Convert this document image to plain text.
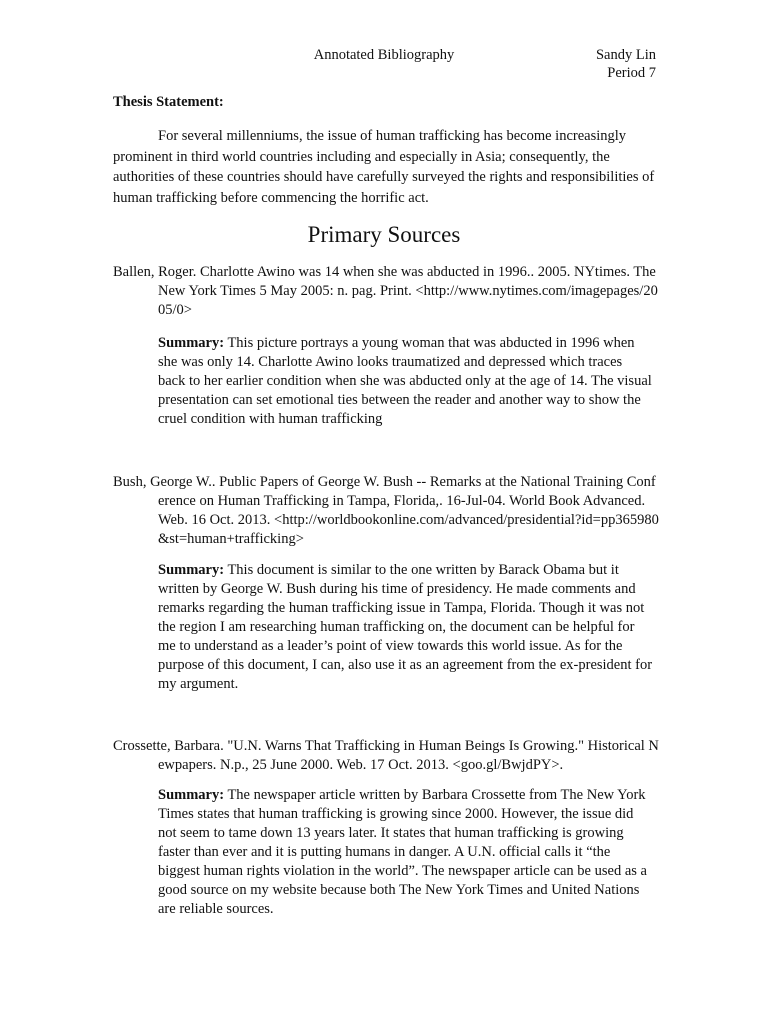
Annotated Bibliography	Sandy Lin
Period 7
Thesis Statement:
For several millenniums, the issue of human trafficking has become increasingly prominent in third world countries including and especially in Asia; consequently, the authorities of these countries should have carefully surveyed the rights and responsibilities of human trafficking before commencing the horrific act.
Primary Sources
Ballen, Roger. Charlotte Awino was 14 when she was abducted in 1996.. 2005. NYtimes. The New York Times 5 May 2005: n. pag. Print. <http://www.nytimes.com/imagepages/2005/0>
Summary: This picture portrays a young woman that was abducted in 1996 when she was only 14. Charlotte Awino looks traumatized and depressed which traces back to her earlier condition when she was abducted only at the age of 14. The visual presentation can set emotional ties between the reader and another way to show the cruel condition with human trafficking
Bush, George W.. Public Papers of George W. Bush -- Remarks at the National Training Conference on Human Trafficking in Tampa, Florida,. 16-Jul-04. World Book Advanced. Web. 16 Oct. 2013. <http://worldbookonline.com/advanced/presidential?id=pp365980&st=human+trafficking>
Summary: This document is similar to the one written by Barack Obama but it written by George W. Bush during his time of presidency. He made comments and remarks regarding the human trafficking issue in Tampa, Florida. Though it was not the region I am researching human trafficking on, the document can be helpful for me to understand as a leader’s point of view towards this world issue. As for the purpose of this document, I can, also use it as an agreement from the ex-president for my argument.
Crossette, Barbara. "U.N. Warns That Trafficking in Human Beings Is Growing." Historical Newpapers. N.p., 25 June 2000. Web. 17 Oct. 2013. <goo.gl/BwjdPY>.
Summary: The newspaper article written by Barbara Crossette from The New York Times states that human trafficking is growing since 2000. However, the issue did not seem to tame down 13 years later. It states that human trafficking is growing faster than ever and it is putting humans in danger. A U.N. official calls it “the biggest human rights violation in the world”. The newspaper article can be used as a good source on my website because both The New York Times and United Nations are reliable sources.
